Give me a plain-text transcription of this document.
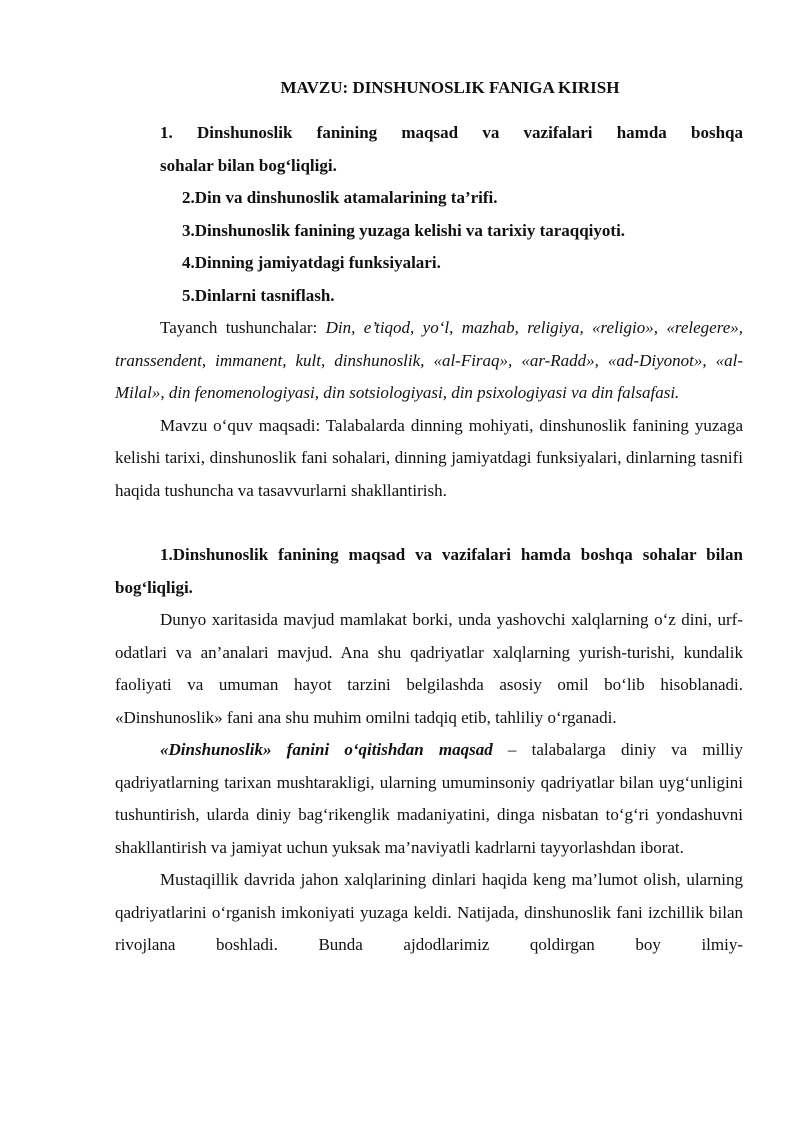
MAVZU: DINSHUNOSLIK FANIGA KIRISH
1. Dinshunoslik fanining maqsad va vazifalari hamda boshqa
sohalar bilan bog‘liqligi.
2.Din va dinshunoslik atamalarining ta’rifi.
3.Dinshunoslik fanining yuzaga kelishi va tarixiy taraqqiyoti.
4.Dinning jamiyatdagi funksiyalari.
5.Dinlarni tasniflash.

Tayanch tushunchalar: Din, e’tiqod, yo‘l, mazhab, religiya, «religio», «relegere», transsendent, immanent, kult, dinshunoslik, «al-Firaq», «ar-Radd», «ad-Diyonot», «al-Milal», din fenomenologiyasi, din sotsiologiyasi, din psixologiyasi va din falsafasi.

Mavzu o‘quv maqsadi: Talabalarda dinning mohiyati, dinshunoslik fanining yuzaga kelishi tarixi, dinshunoslik fani sohalari, dinning jamiyatdagi funksiyalari, dinlarning tasnifi haqida tushuncha va tasavvurlarni shakllantirish.

1.Dinshunoslik fanining maqsad va vazifalari hamda boshqa sohalar bilan bog‘liqligi.

Dunyo xaritasida mavjud mamlakat borki, unda yashovchi xalqlarning o‘z dini, urf-odatlari va an’analari mavjud. Ana shu qadriyatlar xalqlarning yurish-turishi, kundalik faoliyati va umuman hayot tarzini belgilashda asosiy omil bo‘lib hisoblanadi. «Dinshunoslik» fani ana shu muhim omilni tadqiq etib, tahliliy o‘rganadi.

«Dinshunoslik» fanini o‘qitishdan maqsad – talabalarga diniy va milliy qadriyatlarning tarixan mushtarakligi, ularning umuminsoniy qadriyatlar bilan uyg‘unligini tushuntirish, ularda diniy bag‘rikenglik madaniyatini, dinga nisbatan to‘g‘ri yondashuvni shakllantirish va jamiyat uchun yuksak ma’naviyatli kadrlarni tayyorlashdan iborat.

Mustaqillik davrida jahon xalqlarining dinlari haqida keng ma’lumot olish, ularning qadriyatlarini o‘rganish imkoniyati yuzaga keldi. Natijada, dinshunoslik fani izchillik bilan rivojlana boshladi. Bunda ajdodlarimiz qoldirgan boy ilmiy-
